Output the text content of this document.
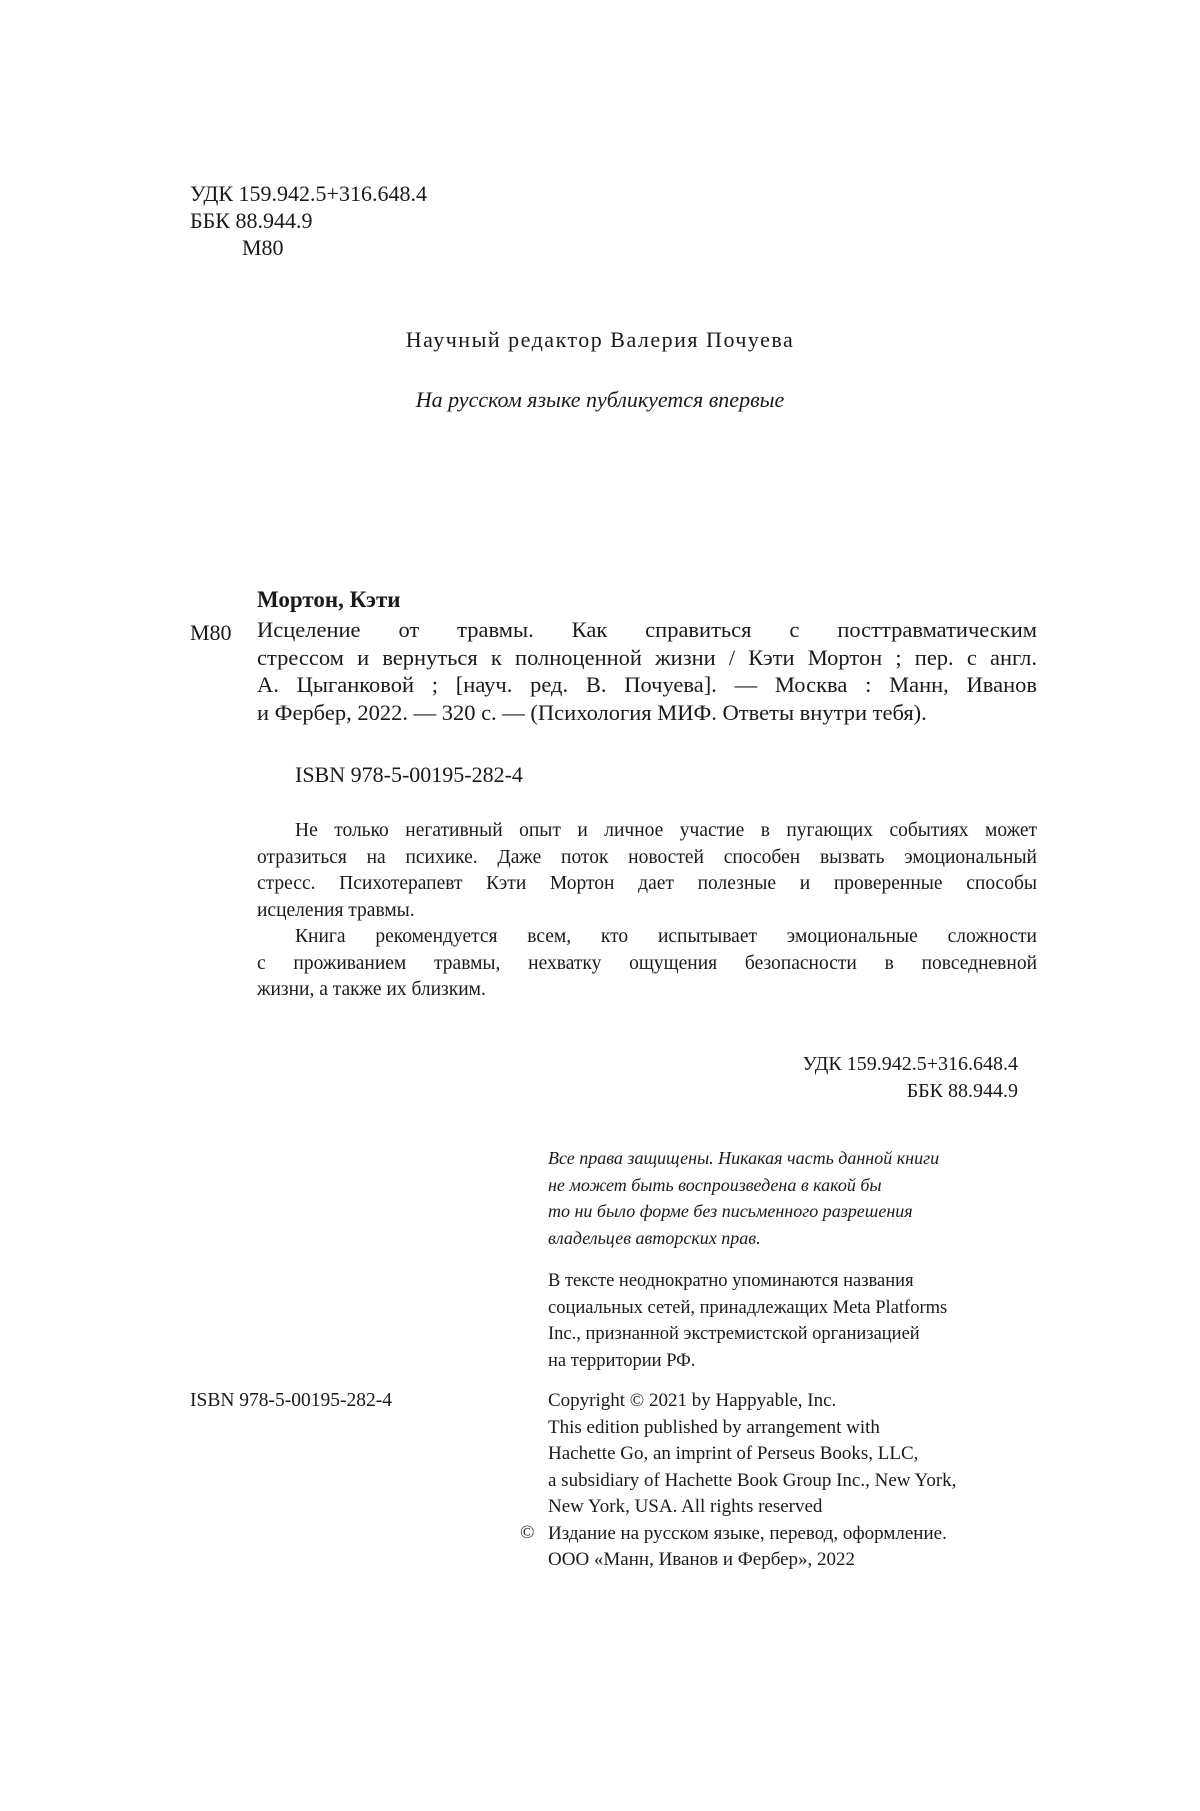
УДК 159.942.5+316.648.4
ББК 88.944.9
М80
Научный редактор Валерия Почуева
На русском языке публикуется впервые
Мортон, Кэти
М80 Исцеление от травмы. Как справиться с посттравматическим
стрессом и вернуться к полноценной жизни / Кэти Мортон ; пер. с англ.
А. Цыганковой ; [науч. ред. В. Почуева]. — Москва : Манн, Иванов
и Фербер, 2022. — 320 с. — (Психология МИФ. Ответы внутри тебя).
ISBN 978-5-00195-282-4
Не только негативный опыт и личное участие в пугающих событиях может
отразиться на психике. Даже поток новостей способен вызвать эмоциональный
стресс. Психотерапевт Кэти Мортон дает полезные и проверенные способы
исцеления травмы.
Книга рекомендуется всем, кто испытывает эмоциональные сложности
с проживанием травмы, нехватку ощущения безопасности в повседневной
жизни, а также их близким.
УДК 159.942.5+316.648.4
ББК 88.944.9
Все права защищены. Никакая часть данной книги
не может быть воспроизведена в какой бы
то ни было форме без письменного разрешения
владельцев авторских прав.
В тексте неоднократно упоминаются названия
социальных сетей, принадлежащих Meta Platforms
Inc., признанной экстремистской организацией
на территории РФ.
ISBN 978-5-00195-282-4	Copyright © 2021 by Happyable, Inc.
This edition published by arrangement with
Hachette Go, an imprint of Perseus Books, LLC,
a subsidiary of Hachette Book Group Inc., New York,
New York, USA. All rights reserved
Издание на русском языке, перевод, оформление.
ООО «Манн, Иванов и Фербер», 2022
©
